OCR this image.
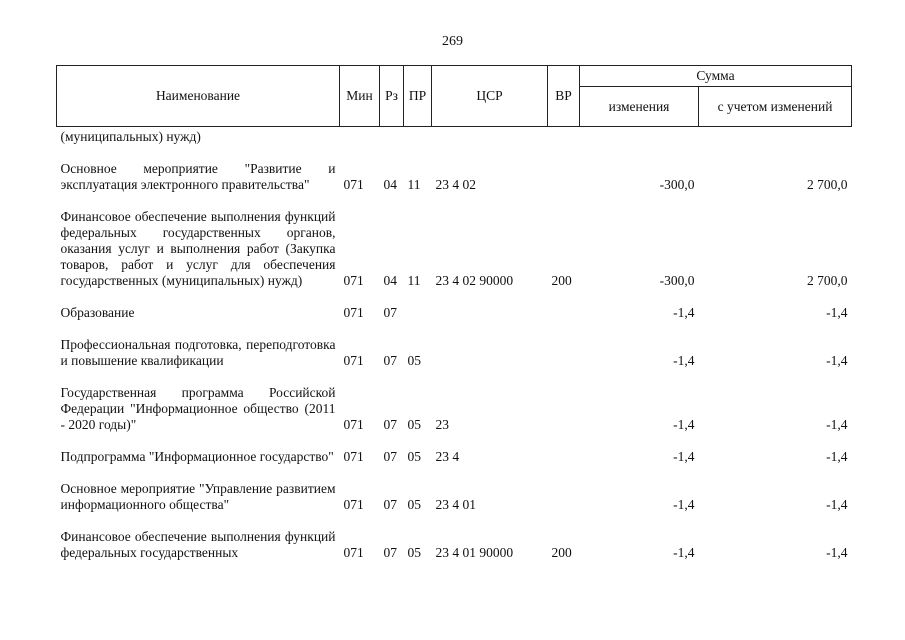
269
Наименование	Мин	Рз	ПР	ЦСР	ВР	Сумма	
						изменения	с учетом изменений
(муниципальных) нужд)							
Основное мероприятие "Развитие и эксплуатация электронного правительства"	071	04	11	23 4 02		-300,0	2 700,0
Финансовое обеспечение выполнения функций федеральных государственных органов, оказания услуг и выполнения работ (Закупка товаров, работ и услуг для обеспечения государственных (муниципальных) нужд)	071	04	11	23 4 02 90000	200	-300,0	2 700,0
Образование	071	07				-1,4	-1,4
Профессиональная подготовка, переподготовка и повышение квалификации	071	07	05			-1,4	-1,4
Государственная программа Российской Федерации "Информационное общество (2011 - 2020 годы)"	071	07	05	23		-1,4	-1,4
Подпрограмма "Информационное государство"	071	07	05	23 4		-1,4	-1,4
Основное мероприятие "Управление развитием информационного общества"	071	07	05	23 4 01		-1,4	-1,4
Финансовое обеспечение выполнения функций федеральных государственных	071	07	05	23 4 01 90000	200	-1,4	-1,4
